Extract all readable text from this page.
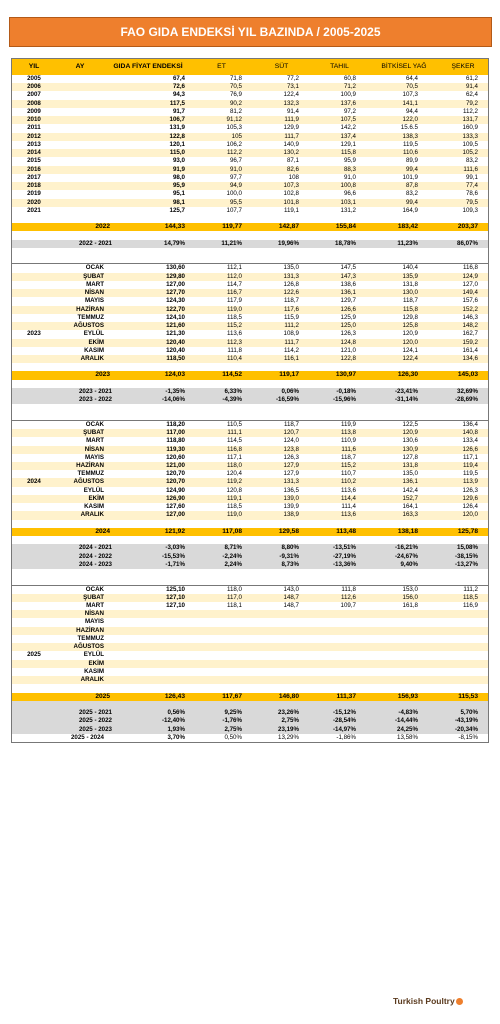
FAO GIDA ENDEKSİ YIL BAZINDA / 2005-2025
YIL	AY	GIDA FİYAT ENDEKSİ	ET	SÜT	TAHIL	BİTKİSEL YAĞ	ŞEKER
2005	67,4	71,8	77,2	60,8	64,4	61,2
2006	72,6	70,5	73,1	71,2	70,5	91,4
2007	94,3	76,9	122,4	100,9	107,3	62,4
2008	117,5	90,2	132,3	137,6	141,1	79,2
2009	91,7	81,2	91,4	97,2	94,4	112,2
2010	106,7	91,12	111,9	107,5	122,0	131,7
2011	131,9	105,3	129,9	142,2	15.6.5	160,9
2012	122,8	105	111,7	137,4	138,3	133,3
2013	120,1	106,2	140,9	129,1	119,5	109,5
2014	115,0	112,2	130,2	115,8	110,6	105,2
2015	93,0	96,7	87,1	95,9	89,9	83,2
2016	91,9	91,0	82,6	88,3	99,4	111,6
2017	98,0	97,7	108	91,0	101,9	99,1
2018	95,9	94,9	107,3	100,8	87,8	77,4
2019	95,1	100,0	102,8	96,6	83,2	78,6
2020	98,1	95,5	101,8	103,1	99,4	79,5
2021	125,7	107,7	119,1	131,2	164,9	109,3
2022	144,33	119,77	142,87	155,84	183,42	203,37
2022 - 2021	14,79%	11,21%	19,96%	18,78%	11,23%	86,07%
OCAK	130,60	112,1	135,0	147,5	140,4	116,8
ŞUBAT	129,80	112,0	131,3	147,3	135,9	124,9
MART	127,00	114,7	126,8	138,6	131,8	127,0
NİSAN	127,70	116,7	122,6	136,1	130,0	149,4
MAYIS	124,30	117,9	118,7	129,7	118,7	157,6
HAZİRAN	122,70	119,0	117,6	126,6	115,8	152,2
TEMMUZ	124,10	118,5	115,9	125,9	129,8	146,3
AĞUSTOS	121,60	115,2	111,2	125,0	125,8	148,2
2023	EYLÜL	121,30	113,6	108,9	126,3	120,9	162,7
EKİM	120,40	112,3	111,7	124,8	120,0	159,2
KASIM	120,40	111,8	114,2	121,0	124,1	161,4
ARALIK	118,50	110,4	116,1	122,8	122,4	134,6
2023	124,03	114,52	119,17	130,97	126,30	145,03
2023 - 2021	-1,35%	6,33%	0,06%	-0,18%	-23,41%	32,69%
2023 - 2022	-14,06%	-4,39%	-16,59%	-15,96%	-31,14%	-28,69%
OCAK	118,20	110,5	118,7	119,9	122,5	136,4
ŞUBAT	117,00	111,1	120,7	113,8	120,9	140,8
MART	118,80	114,5	124,0	110,9	130,6	133,4
NİSAN	119,30	116,8	123,8	111,6	130,9	126,6
MAYIS	120,60	117,1	126,3	118,7	127,8	117,1
HAZİRAN	121,00	118,0	127,9	115,2	131,8	119,4
TEMMUZ	120,70	120,4	127,9	110,7	135,0	119,5
2024	AĞUSTOS	120,70	119,2	131,3	110,2	136,1	113,9
EYLÜL	124,90	120,8	136,5	113,6	142,4	126,3
EKİM	126,90	119,1	139,0	114,4	152,7	129,6
KASIM	127,60	118,5	139,9	111,4	164,1	126,4
ARALIK	127,00	119,0	138,9	113,6	163,3	120,0
2024	121,92	117,08	129,58	113,48	138,18	125,78
2024 - 2021	-3,03%	8,71%	8,80%	-13,51%	-16,21%	15,08%
2024 - 2022	-15,53%	-2,24%	-9,31%	-27,19%	-24,67%	-38,15%
2024 - 2023	-1,71%	2,24%	8,73%	-13,36%	9,40%	-13,27%
OCAK	125,10	118,0	143,0	111,8	153,0	111,2
ŞUBAT	127,10	117,0	148,7	112,6	156,0	118,5
MART	127,10	118,1	148,7	109,7	161,8	116,9
NİSAN
MAYIS
HAZİRAN
TEMMUZ
AĞUSTOS
2025	EYLÜL
EKİM
KASIM
ARALIK
2025	126,43	117,67	146,80	111,37	156,93	115,53
2025 - 2021	0,56%	9,25%	23,26%	-15,12%	-4,83%	5,70%
2025 - 2022	-12,40%	-1,76%	2,75%	-28,54%	-14,44%	-43,19%
2025 - 2023	1,93%	2,75%	23,19%	-14,97%	24,25%	-20,34%
2025 - 2024	3,70%	0,50%	13,29%	-1,86%	13,58%	-8,15%
Turkish Poultry
